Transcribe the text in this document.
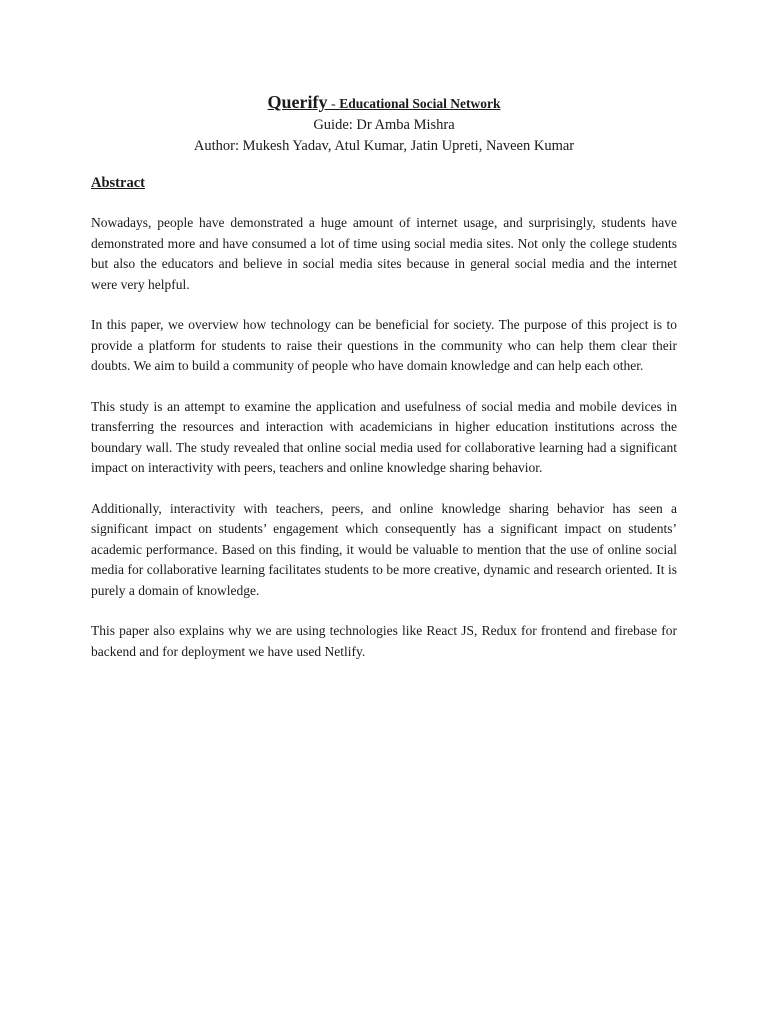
Querify - Educational Social Network
Guide: Dr Amba Mishra
Author: Mukesh Yadav, Atul Kumar, Jatin Upreti, Naveen Kumar
Abstract
Nowadays, people have demonstrated a huge amount of internet usage, and surprisingly, students have demonstrated more and have consumed a lot of time using social media sites. Not only the college students but also the educators and believe in social media sites because in general social media and the internet were very helpful.
In this paper, we overview how technology can be beneficial for society. The purpose of this project is to provide a platform for students to raise their questions in the community who can help them clear their doubts. We aim to build a community of people who have domain knowledge and can help each other.
This study is an attempt to examine the application and usefulness of social media and mobile devices in transferring the resources and interaction with academicians in higher education institutions across the boundary wall. The study revealed that online social media used for collaborative learning had a significant impact on interactivity with peers, teachers and online knowledge sharing behavior.
Additionally, interactivity with teachers, peers, and online knowledge sharing behavior has seen a significant impact on students’ engagement which consequently has a significant impact on students’ academic performance. Based on this finding, it would be valuable to mention that the use of online social media for collaborative learning facilitates students to be more creative, dynamic and research oriented. It is purely a domain of knowledge.
This paper also explains why we are using technologies like React JS, Redux for frontend and firebase for backend and for deployment we have used Netlify.
